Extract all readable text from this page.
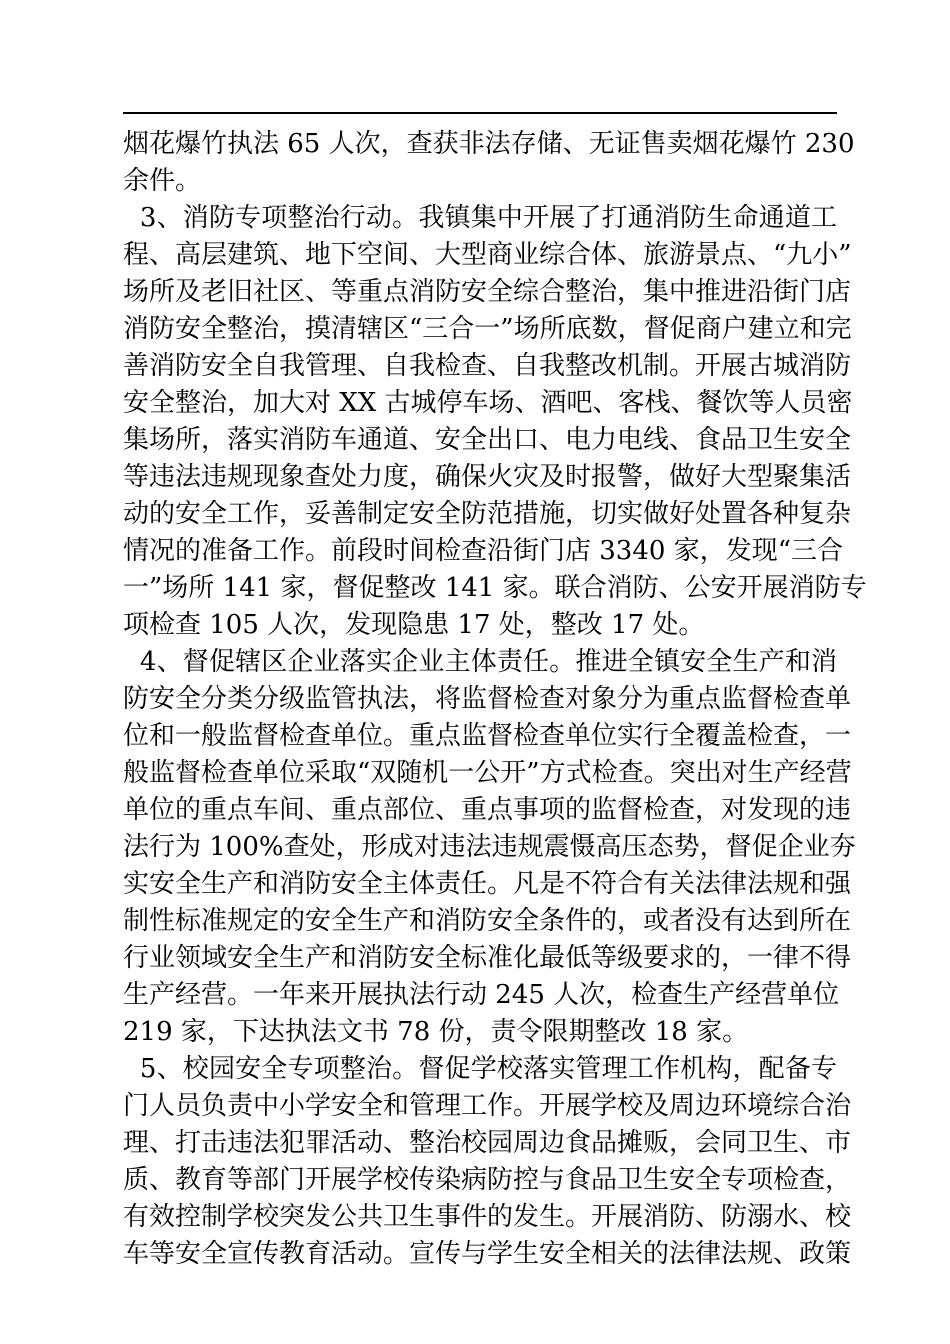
烟花爆竹执法 65 人次，查获非法存储、无证售卖烟花爆竹 230
余件。
3、消防专项整治行动。我镇集中开展了打通消防生命通道工
程、高层建筑、地下空间、大型商业综合体、旅游景点、“九小”
场所及老旧社区、等重点消防安全综合整治，集中推进沿街门店
消防安全整治，摸清辖区“三合一”场所底数，督促商户建立和完
善消防安全自我管理、自我检查、自我整改机制。开展古城消防
安全整治，加大对 XX 古城停车场、酒吧、客栈、餐饮等人员密
集场所，落实消防车通道、安全出口、电力电线、食品卫生安全
等违法违规现象查处力度，确保火灾及时报警，做好大型聚集活
动的安全工作，妥善制定安全防范措施，切实做好处置各种复杂
情况的准备工作。前段时间检查沿街门店 3340 家，发现“三合
一”场所 141 家，督促整改 141 家。联合消防、公安开展消防专
项检查 105 人次，发现隐患 17 处，整改 17 处。
4、督促辖区企业落实企业主体责任。推进全镇安全生产和消
防安全分类分级监管执法，将监督检查对象分为重点监督检查单
位和一般监督检查单位。重点监督检查单位实行全覆盖检查，一
般监督检查单位采取“双随机一公开”方式检查。突出对生产经营
单位的重点车间、重点部位、重点事项的监督检查，对发现的违
法行为 100%查处，形成对违法违规震慑高压态势，督促企业夯
实安全生产和消防安全主体责任。凡是不符合有关法律法规和强
制性标准规定的安全生产和消防安全条件的，或者没有达到所在
行业领域安全生产和消防安全标准化最低等级要求的，一律不得
生产经营。一年来开展执法行动 245 人次，检查生产经营单位
219 家，下达执法文书 78 份，责令限期整改 18 家。
5、校园安全专项整治。督促学校落实管理工作机构，配备专
门人员负责中小学安全和管理工作。开展学校及周边环境综合治
理、打击违法犯罪活动、整治校园周边食品摊贩，会同卫生、市
质、教育等部门开展学校传染病防控与食品卫生安全专项检查，
有效控制学校突发公共卫生事件的发生。开展消防、防溺水、校
车等安全宣传教育活动。宣传与学生安全相关的法律法规、政策
